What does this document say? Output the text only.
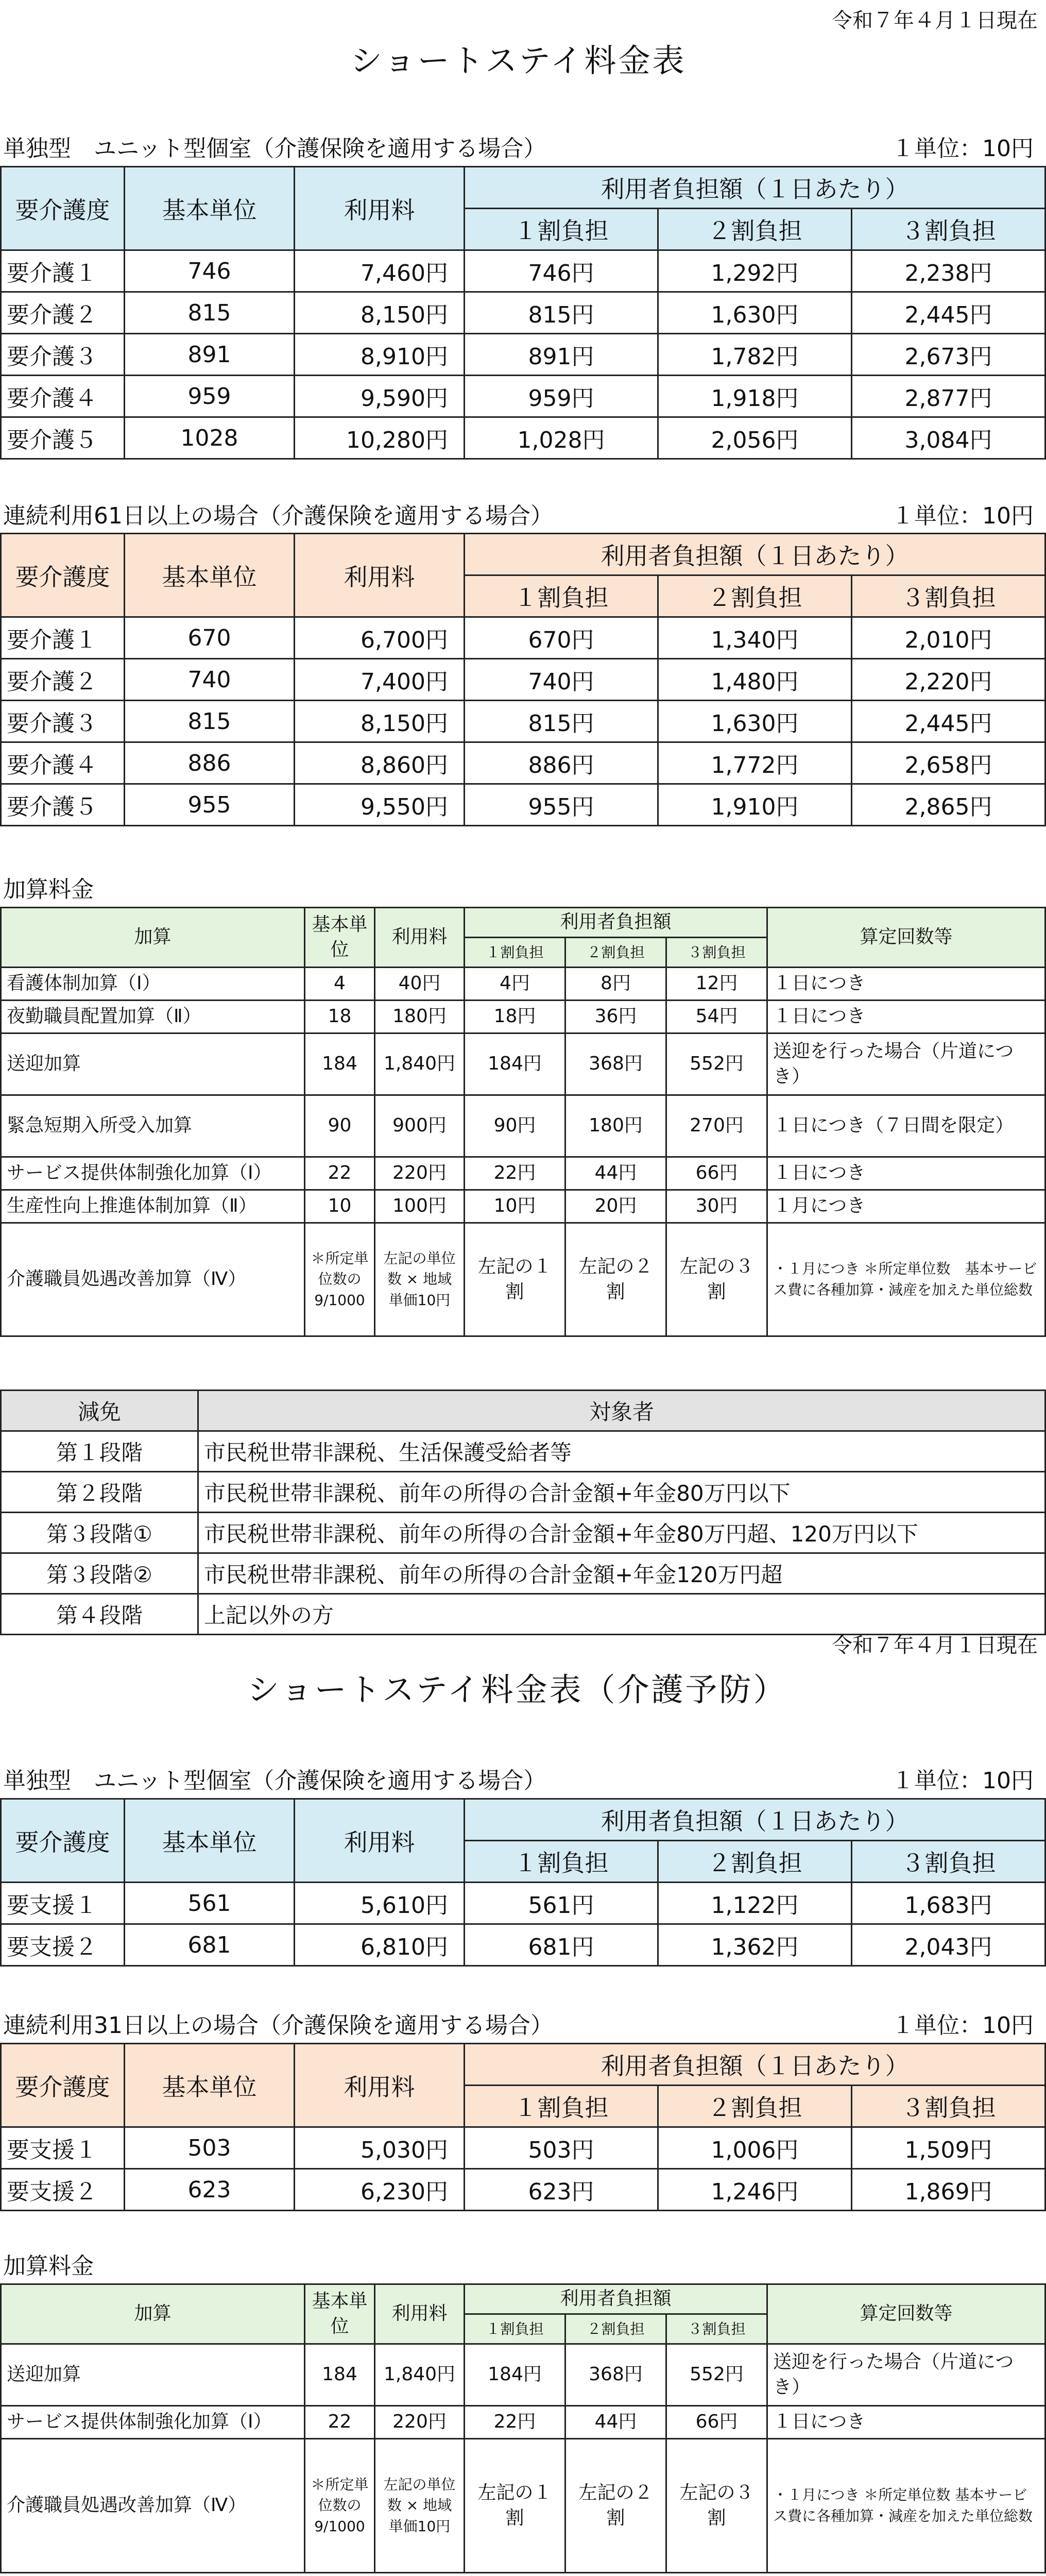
令和７年４月１日現在
ショートステイ料金表
単独型　ユニット型個室（介護保険を適用する場合）	１単位：10円
要介護度	基本単位	利用料	利用者負担額（１日あたり）		
			１割負担	２割負担	３割負担
要介護１	746	7,460円	746円	1,292円	2,238円
要介護２	815	8,150円	815円	1,630円	2,445円
要介護３	891	8,910円	891円	1,782円	2,673円
要介護４	959	9,590円	959円	1,918円	2,877円
要介護５	1028	10,280円	1,028円	2,056円	3,084円
連続利用61日以上の場合（介護保険を適用する場合）	１単位：10円
要介護度	基本単位	利用料	利用者負担額（１日あたり）		
			１割負担	２割負担	３割負担
要介護１	670	6,700円	670円	1,340円	2,010円
要介護２	740	7,400円	740円	1,480円	2,220円
要介護３	815	8,150円	815円	1,630円	2,445円
要介護４	886	8,860円	886円	1,772円	2,658円
要介護５	955	9,550円	955円	1,910円	2,865円
加算料金
加算	基本単位	利用料	利用者負担額			算定回数等
			１割負担	２割負担	３割負担	
看護体制加算（Ⅰ）	4	40円	4円	8円	12円	１日につき
夜勤職員配置加算（Ⅱ）	18	180円	18円	36円	54円	１日につき
送迎加算	184	1,840円	184円	368円	552円	送迎を行った場合（片道につき）
緊急短期入所受入加算	90	900円	90円	180円	270円	１日につき（７日間を限定）
サービス提供体制強化加算（Ⅰ）	22	220円	22円	44円	66円	１日につき
生産性向上推進体制加算（Ⅱ）	10	100円	10円	20円	30円	１月につき
介護職員処遇改善加算（Ⅳ）	＊所定単位数の9/1000	左記の単位数 × 地域単価10円	左記の１割	左記の２割	左記の３割	・１月につき ＊所定単位数　基本サービス費に各種加算・減産を加えた単位総数
減免	対象者
第１段階	市民税世帯非課税、生活保護受給者等
第２段階	市民税世帯非課税、前年の所得の合計金額+年金80万円以下
第３段階①	市民税世帯非課税、前年の所得の合計金額+年金80万円超、120万円以下
第３段階②	市民税世帯非課税、前年の所得の合計金額+年金120万円超
第４段階	上記以外の方
令和７年４月１日現在
ショートステイ料金表（介護予防）
単独型　ユニット型個室（介護保険を適用する場合）	１単位：10円
要介護度	基本単位	利用料	利用者負担額（１日あたり）		
			１割負担	２割負担	３割負担
要支援１	561	5,610円	561円	1,122円	1,683円
要支援２	681	6,810円	681円	1,362円	2,043円
連続利用31日以上の場合（介護保険を適用する場合）	１単位：10円
要介護度	基本単位	利用料	利用者負担額（１日あたり）		
			１割負担	２割負担	３割負担
要支援１	503	5,030円	503円	1,006円	1,509円
要支援２	623	6,230円	623円	1,246円	1,869円
加算料金
加算	基本単位	利用料	利用者負担額			算定回数等
			１割負担	２割負担	３割負担	
送迎加算	184	1,840円	184円	368円	552円	送迎を行った場合（片道につき）
サービス提供体制強化加算（Ⅰ）	22	220円	22円	44円	66円	１日につき
介護職員処遇改善加算（Ⅳ）	＊所定単位数の9/1000	左記の単位数 × 地域単価10円	左記の１割	左記の２割	左記の３割	・１月につき ＊所定単位数 基本サービス費に各種加算・減産を加えた単位総数
